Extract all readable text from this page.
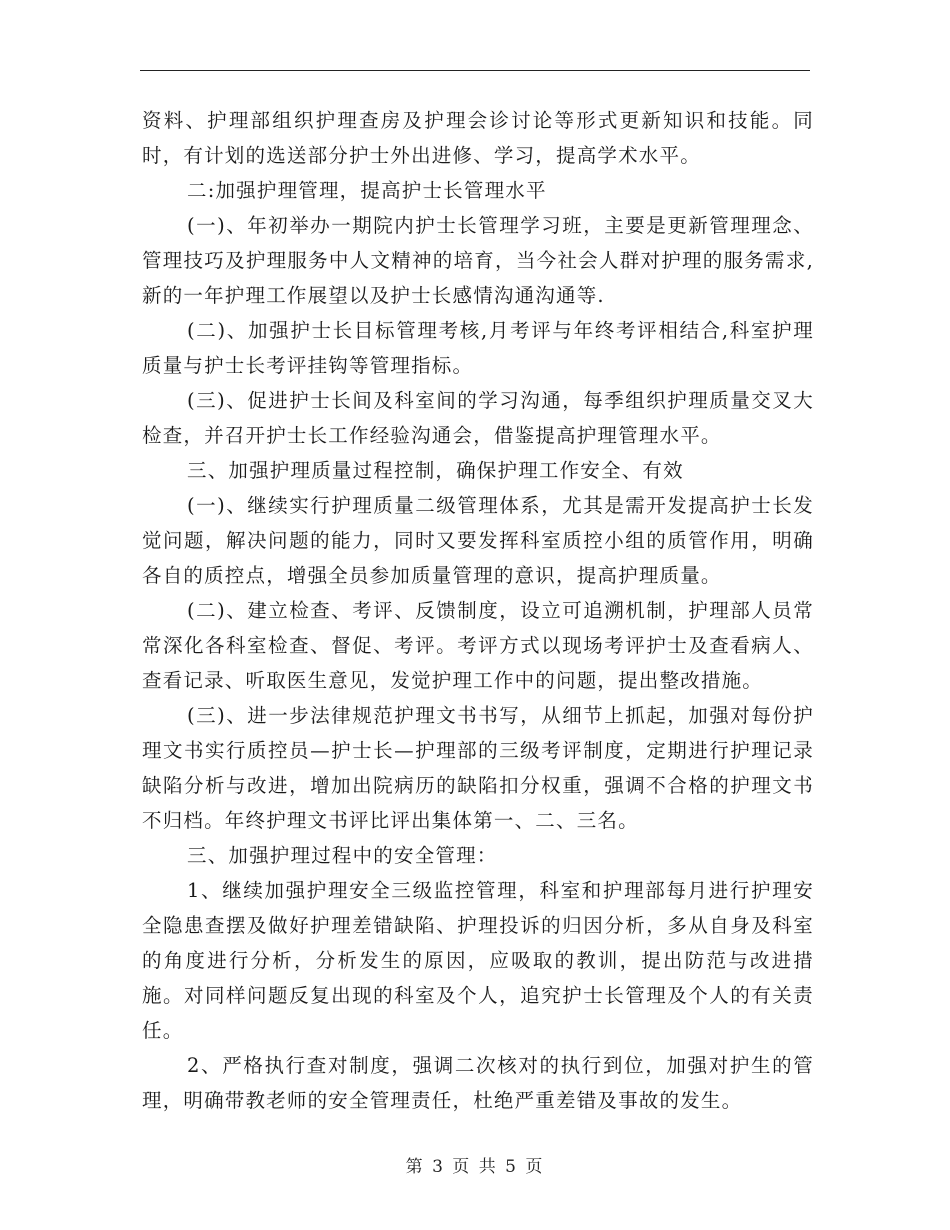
资料、护理部组织护理查房及护理会诊讨论等形式更新知识和技能。同时，有计划的选送部分护士外出进修、学习，提高学术水平。

二:加强护理管理，提高护士长管理水平

(一)、年初举办一期院内护士长管理学习班，主要是更新管理理念、管理技巧及护理服务中人文精神的培育，当今社会人群对护理的服务需求,新的一年护理工作展望以及护士长感情沟通沟通等.

(二)、加强护士长目标管理考核,月考评与年终考评相结合,科室护理质量与护士长考评挂钩等管理指标。

(三)、促进护士长间及科室间的学习沟通，每季组织护理质量交叉大检查，并召开护士长工作经验沟通会，借鉴提高护理管理水平。

三、加强护理质量过程控制，确保护理工作安全、有效

(一)、继续实行护理质量二级管理体系，尤其是需开发提高护士长发觉问题，解决问题的能力，同时又要发挥科室质控小组的质管作用，明确各自的质控点，增强全员参加质量管理的意识，提高护理质量。

(二)、建立检查、考评、反馈制度，设立可追溯机制，护理部人员常常深化各科室检查、督促、考评。考评方式以现场考评护士及查看病人、查看记录、听取医生意见，发觉护理工作中的问题，提出整改措施。

(三)、进一步法律规范护理文书书写，从细节上抓起，加强对每份护理文书实行质控员—护士长—护理部的三级考评制度，定期进行护理记录缺陷分析与改进，增加出院病历的缺陷扣分权重，强调不合格的护理文书不归档。年终护理文书评比评出集体第一、二、三名。

三、加强护理过程中的安全管理：

1、继续加强护理安全三级监控管理，科室和护理部每月进行护理安全隐患查摆及做好护理差错缺陷、护理投诉的归因分析，多从自身及科室的角度进行分析，分析发生的原因，应吸取的教训，提出防范与改进措施。对同样问题反复出现的科室及个人，追究护士长管理及个人的有关责任。

2、严格执行查对制度，强调二次核对的执行到位，加强对护生的管理，明确带教老师的安全管理责任，杜绝严重差错及事故的发生。

第 3 页 共 5 页
